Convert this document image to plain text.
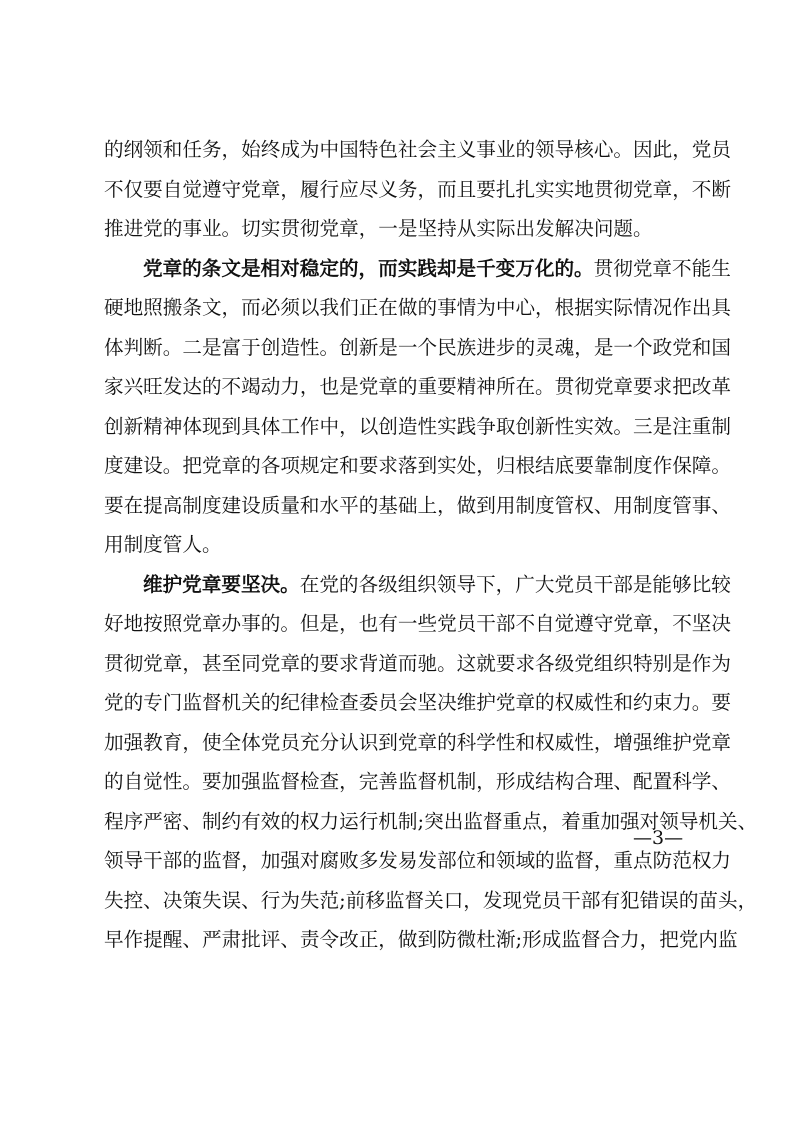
的纲领和任务，始终成为中国特色社会主义事业的领导核心。因此，党员
不仅要自觉遵守党章，履行应尽义务，而且要扎扎实实地贯彻党章，不断
推进党的事业。切实贯彻党章，一是坚持从实际出发解决问题。
党章的条文是相对稳定的，而实践却是千变万化的。贯彻党章不能生
硬地照搬条文，而必须以我们正在做的事情为中心，根据实际情况作出具
体判断。二是富于创造性。创新是一个民族进步的灵魂，是一个政党和国
家兴旺发达的不竭动力，也是党章的重要精神所在。贯彻党章要求把改革
创新精神体现到具体工作中，以创造性实践争取创新性实效。三是注重制
度建设。把党章的各项规定和要求落到实处，归根结底要靠制度作保障。
要在提高制度建设质量和水平的基础上，做到用制度管权、用制度管事、
用制度管人。
维护党章要坚决。在党的各级组织领导下，广大党员干部是能够比较
好地按照党章办事的。但是，也有一些党员干部不自觉遵守党章，不坚决
贯彻党章，甚至同党章的要求背道而驰。这就要求各级党组织特别是作为
党的专门监督机关的纪律检查委员会坚决维护党章的权威性和约束力。要
加强教育，使全体党员充分认识到党章的科学性和权威性，增强维护党章
的自觉性。要加强监督检查，完善监督机制，形成结构合理、配置科学、
程序严密、制约有效的权力运行机制;突出监督重点，着重加强对领导机关、
领导干部的监督，加强对腐败多发易发部位和领域的监督，重点防范权力
失控、决策失误、行为失范;前移监督关口，发现党员干部有犯错误的苗头，
早作提醒、严肃批评、责令改正，做到防微杜渐;形成监督合力，把党内监
—3—
